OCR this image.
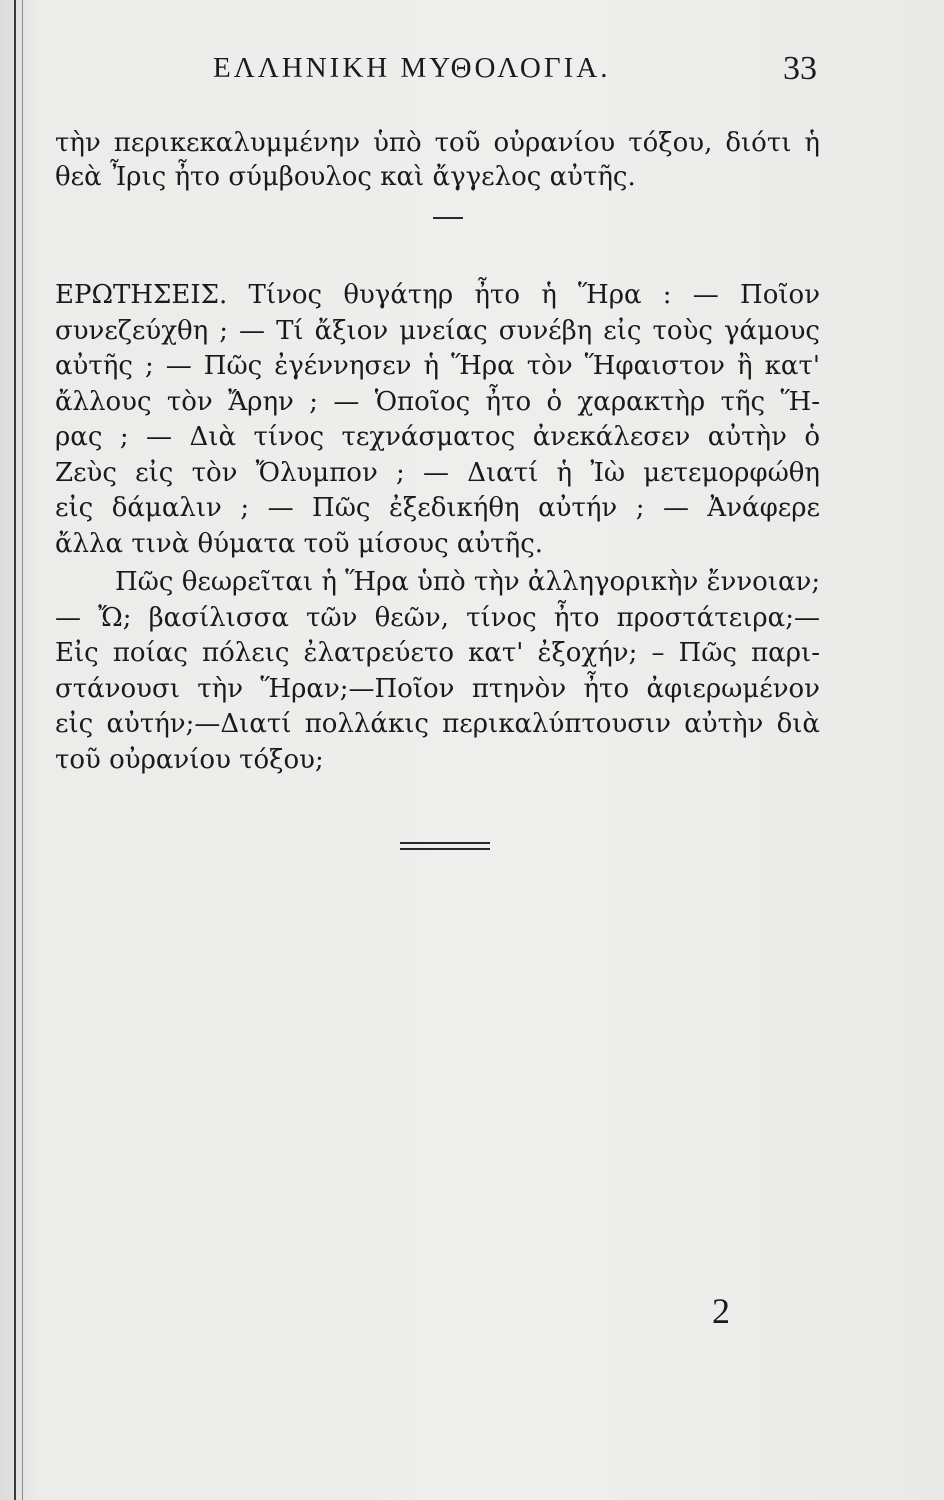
ΕΛΛΗΝΙΚΗ ΜΥΘΟΛΟΓΙΑ.	33
τὴν περικεκαλυμμένην ὑπὸ τοῦ οὐρανίου τόξου, διότι ἡ
θεὰ Ἶρις ἦτο σύμβουλος καὶ ἄγγελος αὐτῆς.
ΕΡΩΤΗΣΕΙΣ. Τίνος θυγάτηρ ἦτο ἡ Ἥρα : — Ποῖον
συνεζεύχθη ; — Τί ἄξιον μνείας συνέβη εἰς τοὺς γάμους
αὐτῆς ; — Πῶς ἐγέννησεν ἡ Ἥρα τὸν Ἥφαιστον ἢ κατ'
ἄλλους τὸν Ἄρην ; — Ὁποῖος ἦτο ὁ χαρακτὴρ τῆς Ἥ-
ρας ; — Διὰ τίνος τεχνάσματος ἀνεκάλεσεν αὐτὴν ὁ
Ζεὺς εἰς τὸν Ὄλυμπον ; — Διατί ἡ Ἰὼ μετεμορφώθη
εἰς δάμαλιν ; — Πῶς ἐξεδικήθη αὐτήν ; — Ἀνάφερε
ἄλλα τινὰ θύματα τοῦ μίσους αὐτῆς.
Πῶς θεωρεῖται ἡ Ἥρα ὑπὸ τὴν ἀλληγορικὴν ἔννοιαν;
— Ὤ; βασίλισσα τῶν θεῶν, τίνος ἦτο προστάτειρα;—
Εἰς ποίας πόλεις ἐλατρεύετο κατ' ἐξοχήν; – Πῶς παρι-
στάνουσι τὴν Ἥραν;—Ποῖον πτηνὸν ἦτο ἀφιερωμένον
εἰς αὐτήν;—Διατί πολλάκις περικαλύπτουσιν αὐτὴν διὰ
τοῦ οὐρανίου τόξου;
2
